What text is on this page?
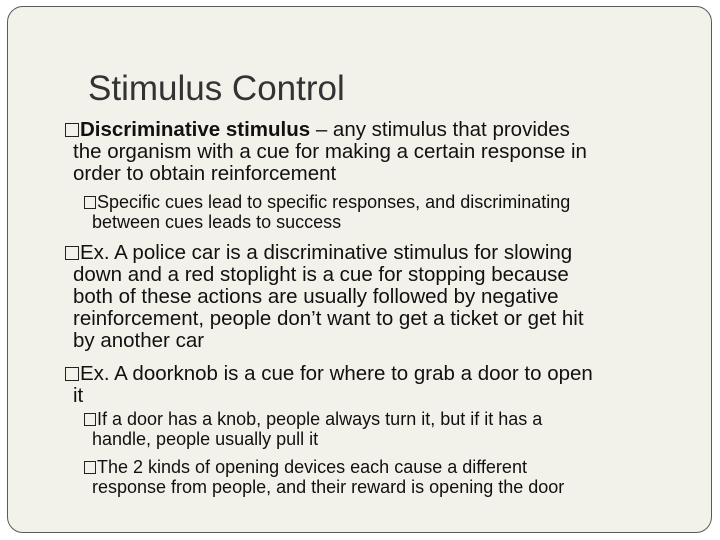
Stimulus Control
Discriminative stimulus – any stimulus that provides
the organism with a cue for making a certain response in
order to obtain reinforcement
Specific cues lead to specific responses, and discriminating
between cues leads to success
Ex. A police car is a discriminative stimulus for slowing
down and a red stoplight is a cue for stopping because
both of these actions are usually followed by negative
reinforcement, people don’t want to get a ticket or get hit
by another car
Ex. A doorknob is a cue for where to grab a door to open
it
If a door has a knob, people always turn it, but if it has a
handle, people usually pull it
The 2 kinds of opening devices each cause a different
response from people, and their reward is opening the door
